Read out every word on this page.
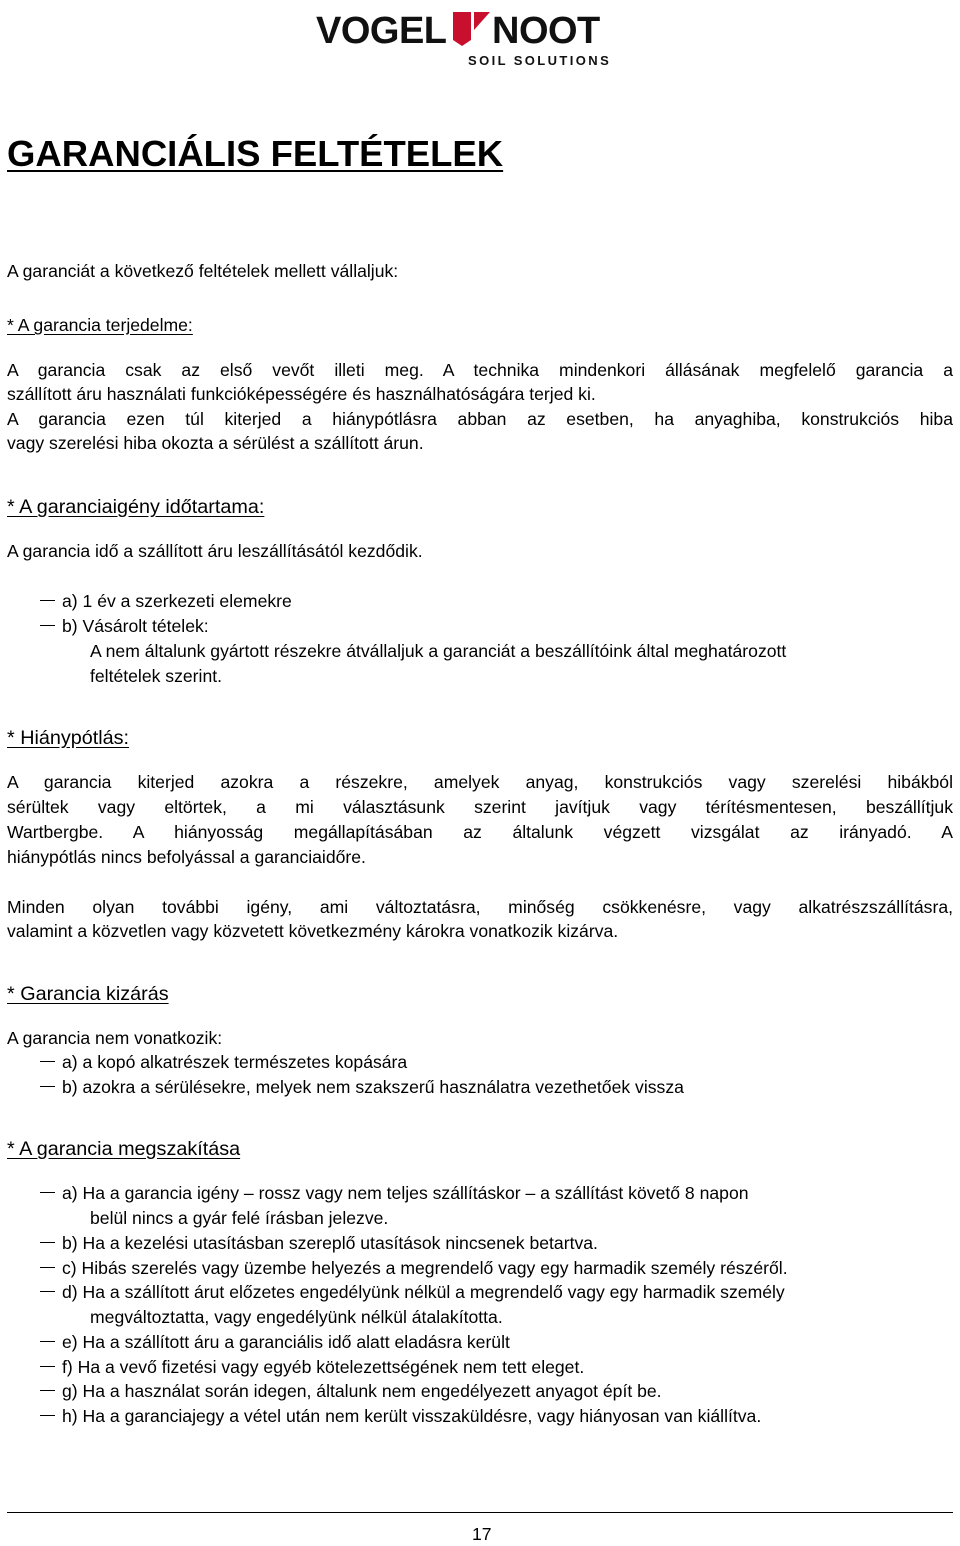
VOGEL NOOT
SOIL SOLUTIONS
GARANCIÁLIS FELTÉTELEK
A garanciát a következő feltételek mellett vállaljuk:
* A garancia terjedelme:
A garancia csak az első vevőt illeti meg. A technika mindenkori állásának megfelelő garancia a
szállított áru használati funkcióképességére és használhatóságára terjed ki.
A garancia ezen túl kiterjed a hiánypótlásra abban az esetben, ha anyaghiba, konstrukciós hiba
vagy szerelési hiba okozta a sérülést a szállított árun.
* A garanciaigény időtartama:
A garancia idő a szállított áru leszállításától kezdődik.
a) 1 év a szerkezeti elemekre
b) Vásárolt tételek:
A nem általunk gyártott részekre átvállaljuk a garanciát a beszállítóink által meghatározott
feltételek szerint.
* Hiánypótlás:
A garancia kiterjed azokra a részekre, amelyek anyag, konstrukciós vagy szerelési hibákból
sérültek vagy eltörtek, a mi választásunk szerint javítjuk vagy térítésmentesen, beszállítjuk
Wartbergbe. A hiányosság megállapításában az általunk végzett vizsgálat az irányadó. A
hiánypótlás nincs befolyással a garanciaidőre.
Minden olyan további igény, ami változtatásra, minőség csökkenésre, vagy alkatrészszállításra,
valamint a közvetlen vagy közvetett következmény károkra vonatkozik kizárva.
* Garancia kizárás
A garancia nem vonatkozik:
a) a kopó alkatrészek természetes kopására
b) azokra a sérülésekre, melyek nem szakszerű használatra vezethetőek vissza
* A garancia megszakítása
a) Ha a garancia igény – rossz vagy nem teljes szállításkor – a szállítást követő 8 napon
belül nincs a gyár felé írásban jelezve.
b) Ha a kezelési utasításban szereplő utasítások nincsenek betartva.
c) Hibás szerelés vagy üzembe helyezés a megrendelő vagy egy harmadik személy részéről.
d) Ha a szállított árut előzetes engedélyünk nélkül a megrendelő vagy egy harmadik személy
megváltoztatta, vagy engedélyünk nélkül átalakította.
e) Ha a szállított áru a garanciális idő alatt eladásra került
f) Ha a vevő fizetési vagy egyéb kötelezettségének nem tett eleget.
g) Ha a használat során idegen, általunk nem engedélyezett anyagot épít be.
h) Ha a garanciajegy a vétel után nem került visszaküldésre, vagy hiányosan van kiállítva.
17
